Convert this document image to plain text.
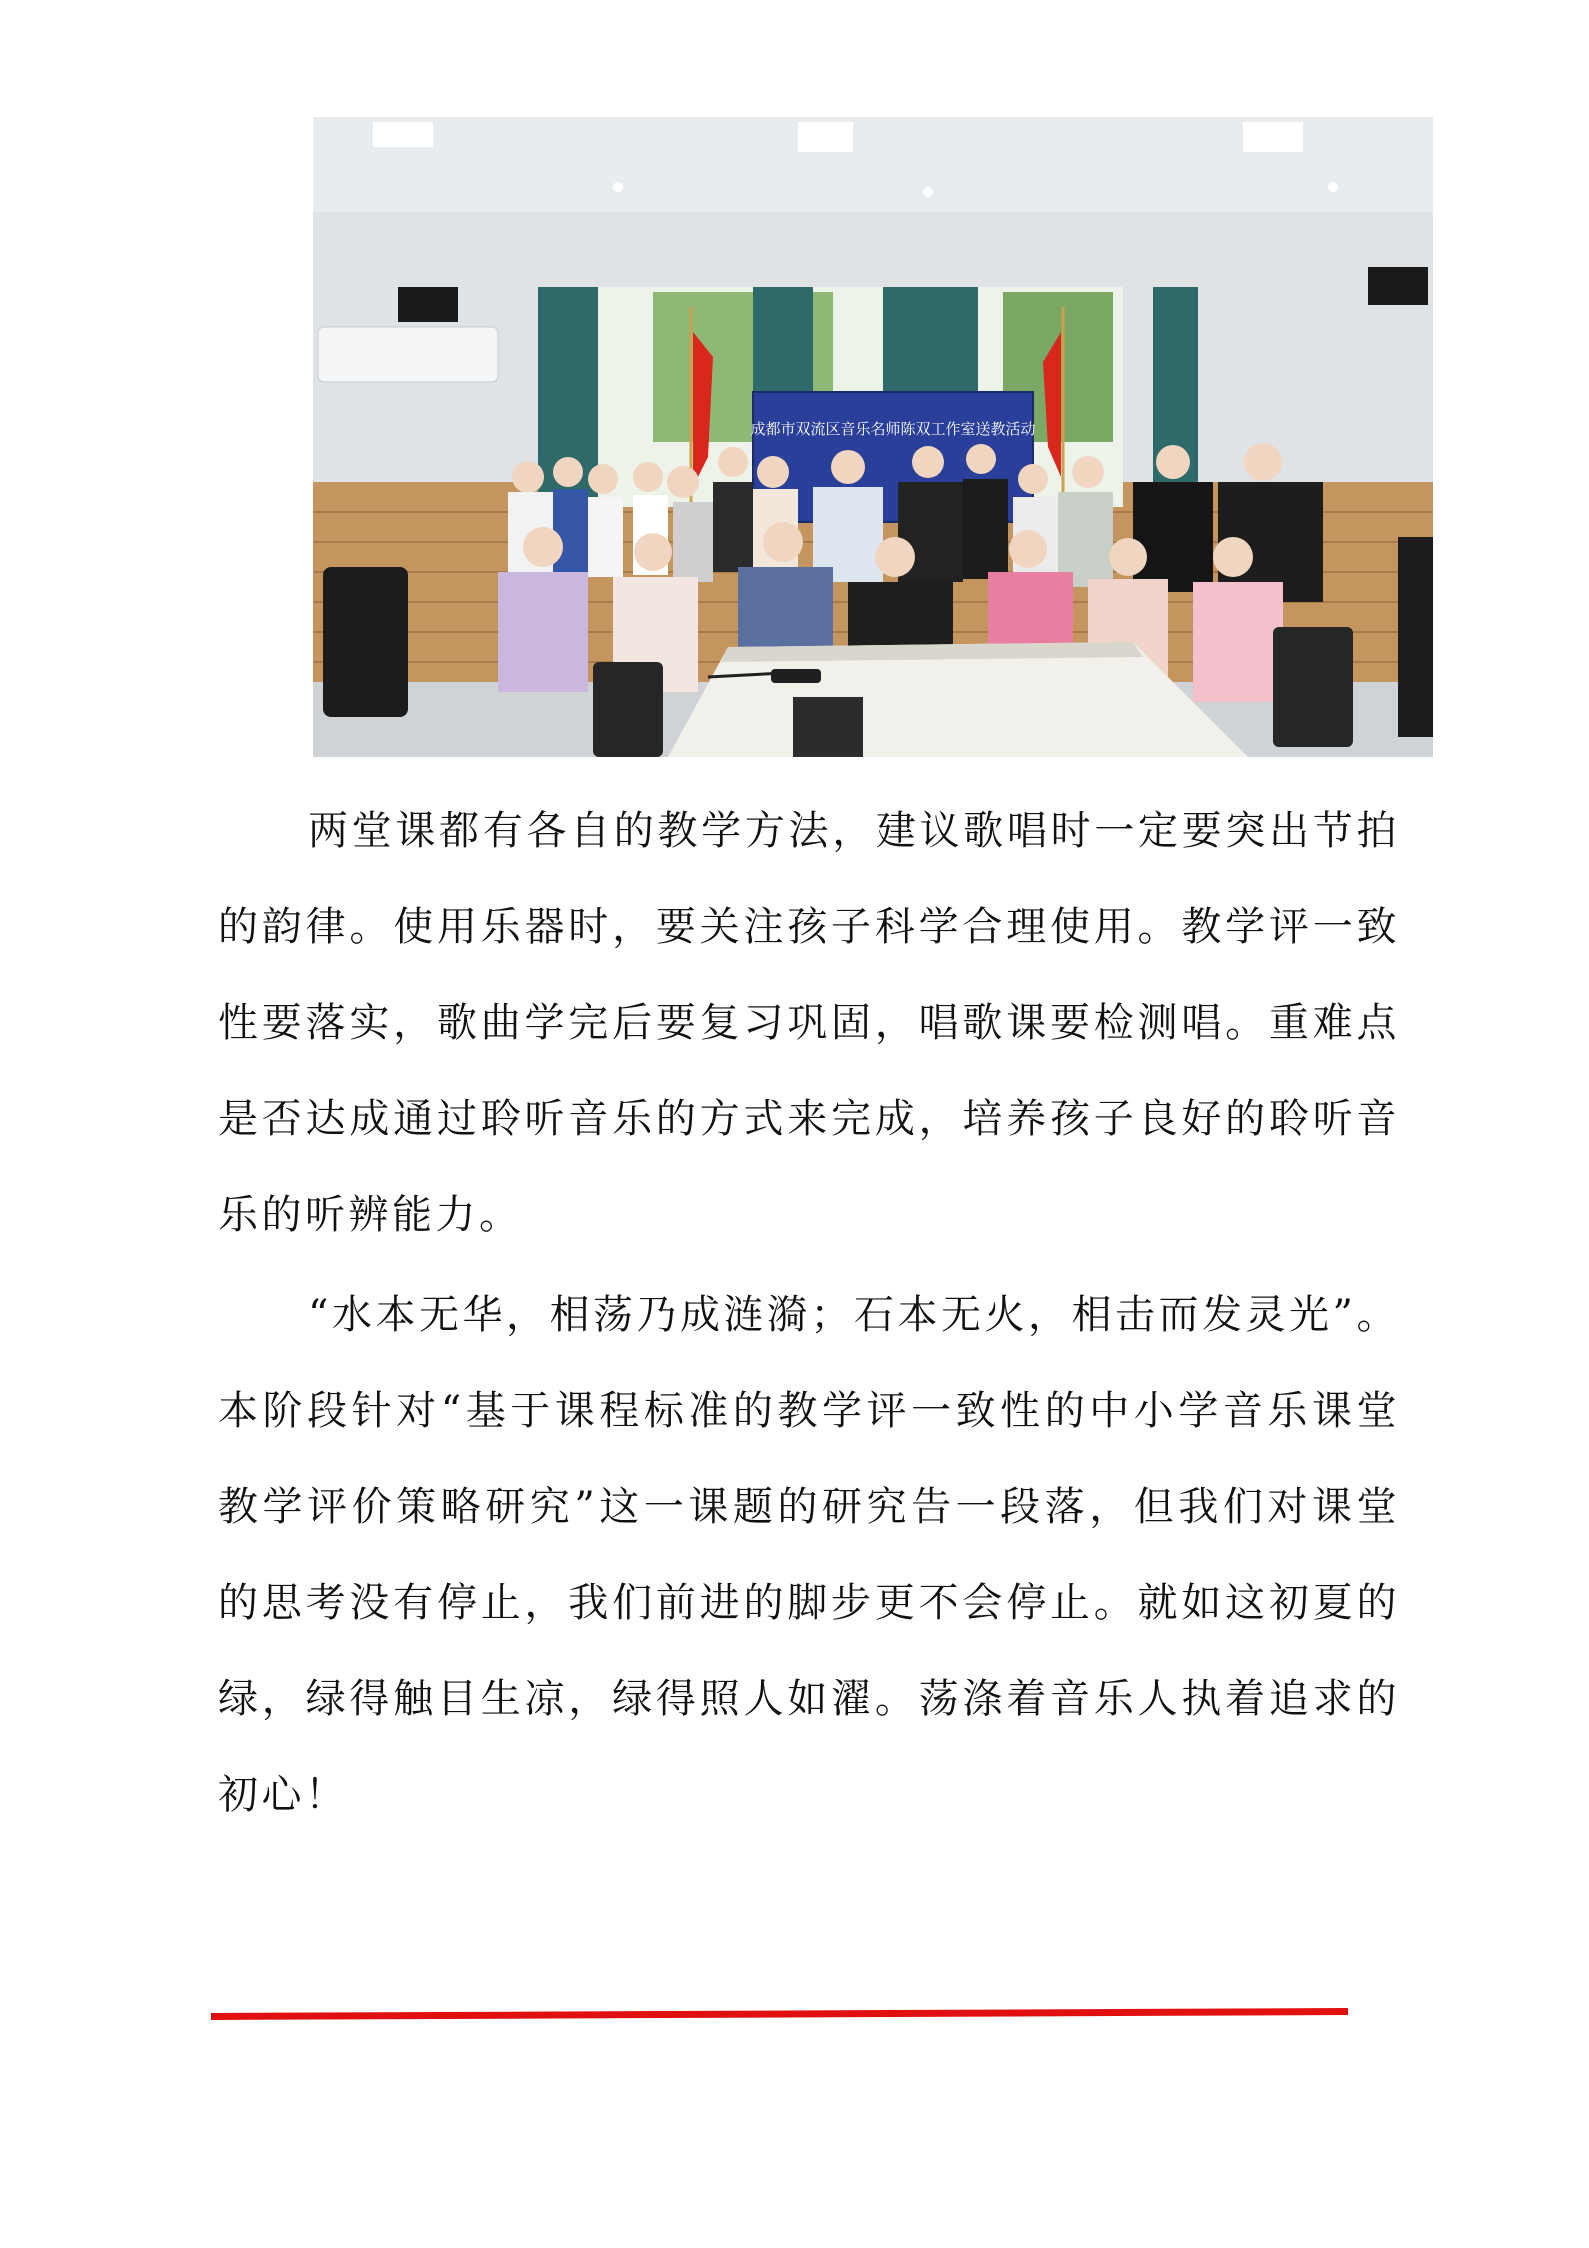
成都市双流区音乐名师陈双工作室送教活动

两堂课都有各自的教学方法，建议歌唱时一定要突出节拍的韵律。使用乐器时，要关注孩子科学合理使用。教学评一致性要落实，歌曲学完后要复习巩固，唱歌课要检测唱。重难点是否达成通过聆听音乐的方式来完成，培养孩子良好的聆听音乐的听辨能力。

“水本无华，相荡乃成涟漪；石本无火，相击而发灵光”。本阶段针对“基于课程标准的教学评一致性的中小学音乐课堂教学评价策略研究”这一课题的研究告一段落，但我们对课堂的思考没有停止，我们前进的脚步更不会停止。就如这初夏的绿，绿得触目生凉，绿得照人如濯。荡涤着音乐人执着追求的初心！
